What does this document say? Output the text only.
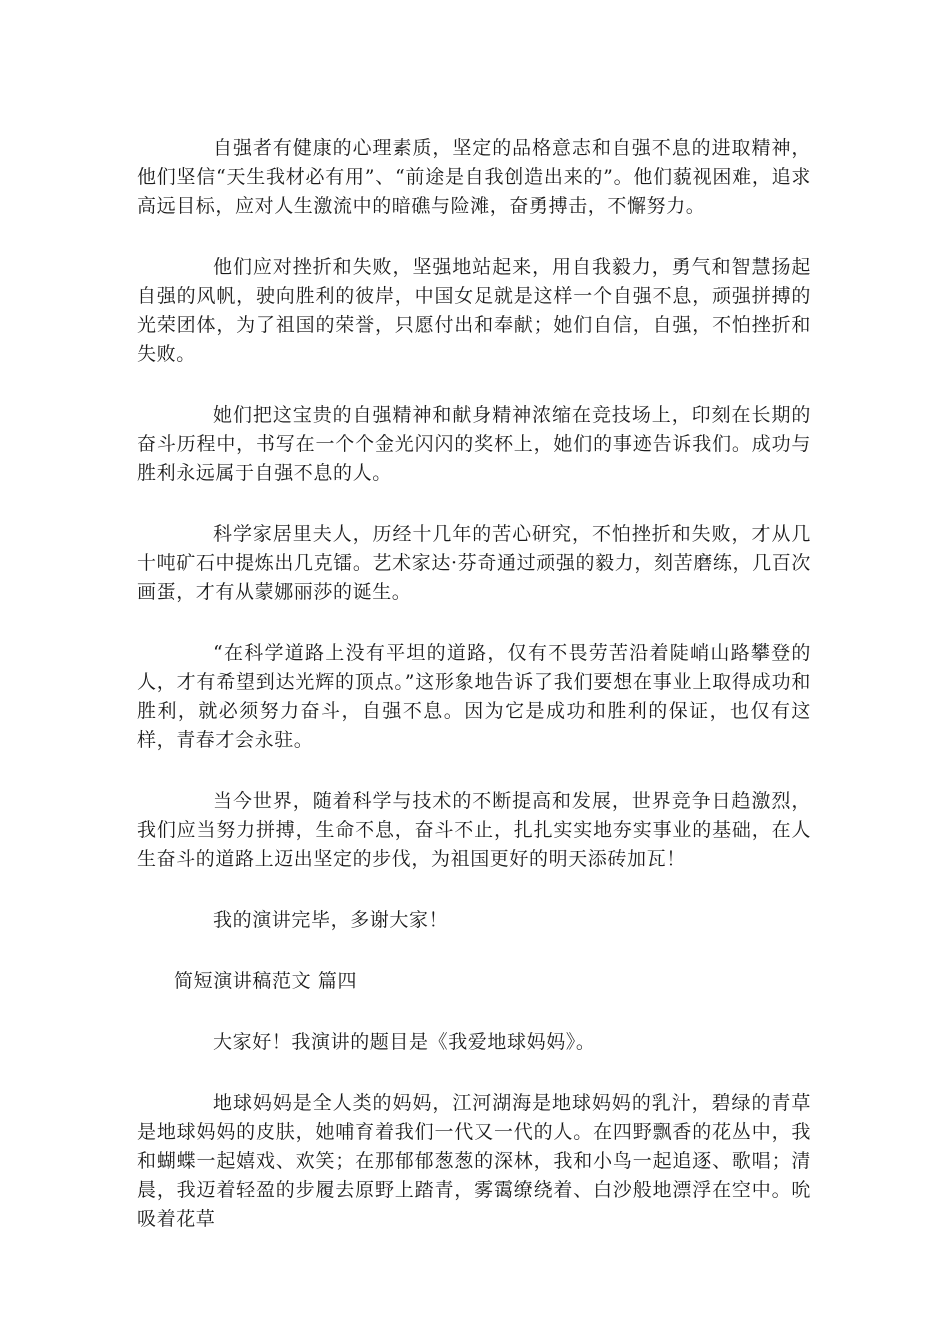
自强者有健康的心理素质，坚定的品格意志和自强不息的进取精神，他们坚信“天生我材必有用”、“前途是自我创造出来的”。他们藐视困难，追求高远目标，应对人生激流中的暗礁与险滩，奋勇搏击，不懈努力。

他们应对挫折和失败，坚强地站起来，用自我毅力，勇气和智慧扬起自强的风帆，驶向胜利的彼岸，中国女足就是这样一个自强不息，顽强拼搏的光荣团体，为了祖国的荣誉，只愿付出和奉献；她们自信，自强，不怕挫折和失败。

她们把这宝贵的自强精神和献身精神浓缩在竞技场上，印刻在长期的奋斗历程中，书写在一个个金光闪闪的奖杯上，她们的事迹告诉我们。成功与胜利永远属于自强不息的人。

科学家居里夫人，历经十几年的苦心研究，不怕挫折和失败，才从几十吨矿石中提炼出几克镭。艺术家达·芬奇通过顽强的毅力，刻苦磨练，几百次画蛋，才有从蒙娜丽莎的诞生。

“在科学道路上没有平坦的道路，仅有不畏劳苦沿着陡峭山路攀登的人，才有希望到达光辉的顶点。”这形象地告诉了我们要想在事业上取得成功和胜利，就必须努力奋斗，自强不息。因为它是成功和胜利的保证，也仅有这样，青春才会永驻。

当今世界，随着科学与技术的不断提高和发展，世界竞争日趋激烈，我们应当努力拼搏，生命不息，奋斗不止，扎扎实实地夯实事业的基础，在人生奋斗的道路上迈出坚定的步伐，为祖国更好的明天添砖加瓦！

我的演讲完毕，多谢大家！

简短演讲稿范文 篇四

大家好！我演讲的题目是《我爱地球妈妈》。

地球妈妈是全人类的妈妈，江河湖海是地球妈妈的乳汁，碧绿的青草是地球妈妈的皮肤，她哺育着我们一代又一代的人。在四野飘香的花丛中，我和蝴蝶一起嬉戏、欢笑；在那郁郁葱葱的深林，我和小鸟一起追逐、歌唱；清晨，我迈着轻盈的步履去原野上踏青，雾霭缭绕着、白沙般地漂浮在空中。吮吸着花草
